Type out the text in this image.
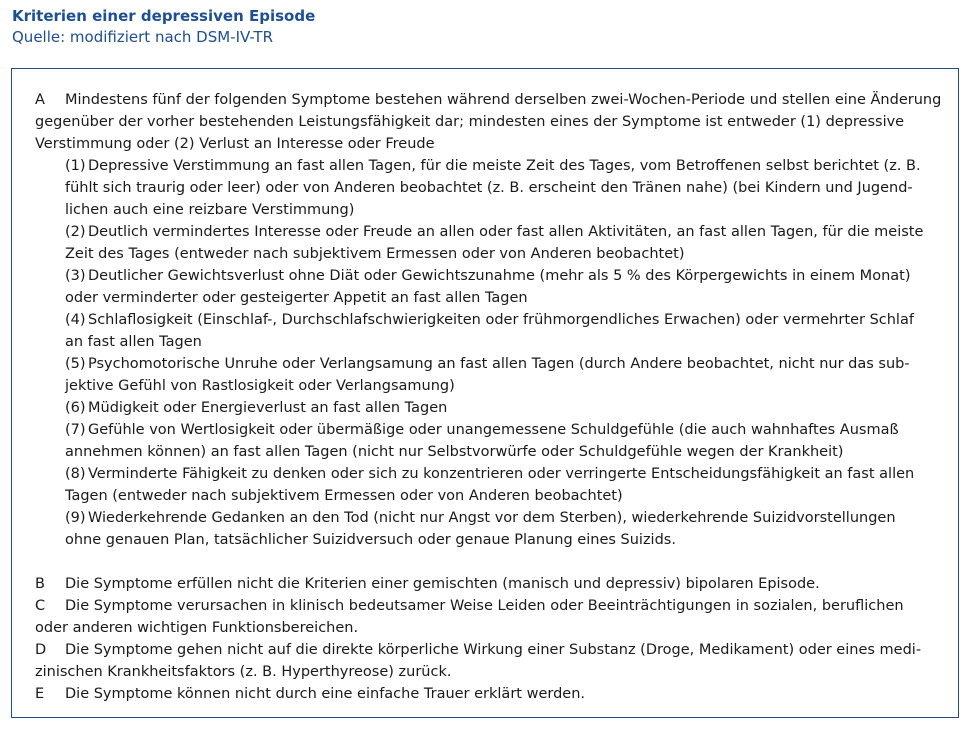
Kriterien einer depressiven Episode
Quelle: modifiziert nach DSM-IV-TR
A Mindestens fünf der folgenden Symptome bestehen während derselben zwei-Wochen-Periode und stellen eine Änderung
gegenüber der vorher bestehenden Leistungsfähigkeit dar; mindesten eines der Symptome ist entweder (1) depressive
Verstimmung oder (2) Verlust an Interesse oder Freude
(1) Depressive Verstimmung an fast allen Tagen, für die meiste Zeit des Tages, vom Betroffenen selbst berichtet (z. B.
fühlt sich traurig oder leer) oder von Anderen beobachtet (z. B. erscheint den Tränen nahe) (bei Kindern und Jugend-
lichen auch eine reizbare Verstimmung)
(2) Deutlich vermindertes Interesse oder Freude an allen oder fast allen Aktivitäten, an fast allen Tagen, für die meiste
Zeit des Tages (entweder nach subjektivem Ermessen oder von Anderen beobachtet)
(3) Deutlicher Gewichtsverlust ohne Diät oder Gewichtszunahme (mehr als 5 % des Körpergewichts in einem Monat)
oder verminderter oder gesteigerter Appetit an fast allen Tagen
(4) Schlaflosigkeit (Einschlaf-, Durchschlafschwierigkeiten oder frühmorgendliches Erwachen) oder vermehrter Schlaf
an fast allen Tagen
(5) Psychomotorische Unruhe oder Verlangsamung an fast allen Tagen (durch Andere beobachtet, nicht nur das sub-
jektive Gefühl von Rastlosigkeit oder Verlangsamung)
(6) Müdigkeit oder Energieverlust an fast allen Tagen
(7) Gefühle von Wertlosigkeit oder übermäßige oder unangemessene Schuldgefühle (die auch wahnhaftes Ausmaß
annehmen können) an fast allen Tagen (nicht nur Selbstvorwürfe oder Schuldgefühle wegen der Krankheit)
(8) Verminderte Fähigkeit zu denken oder sich zu konzentrieren oder verringerte Entscheidungsfähigkeit an fast allen
Tagen (entweder nach subjektivem Ermessen oder von Anderen beobachtet)
(9) Wiederkehrende Gedanken an den Tod (nicht nur Angst vor dem Sterben), wiederkehrende Suizidvorstellungen
ohne genauen Plan, tatsächlicher Suizidversuch oder genaue Planung eines Suizids.
B Die Symptome erfüllen nicht die Kriterien einer gemischten (manisch und depressiv) bipolaren Episode.
C Die Symptome verursachen in klinisch bedeutsamer Weise Leiden oder Beeinträchtigungen in sozialen, beruflichen
oder anderen wichtigen Funktionsbereichen.
D Die Symptome gehen nicht auf die direkte körperliche Wirkung einer Substanz (Droge, Medikament) oder eines medi-
zinischen Krankheitsfaktors (z. B. Hyperthyreose) zurück.
E Die Symptome können nicht durch eine einfache Trauer erklärt werden.
